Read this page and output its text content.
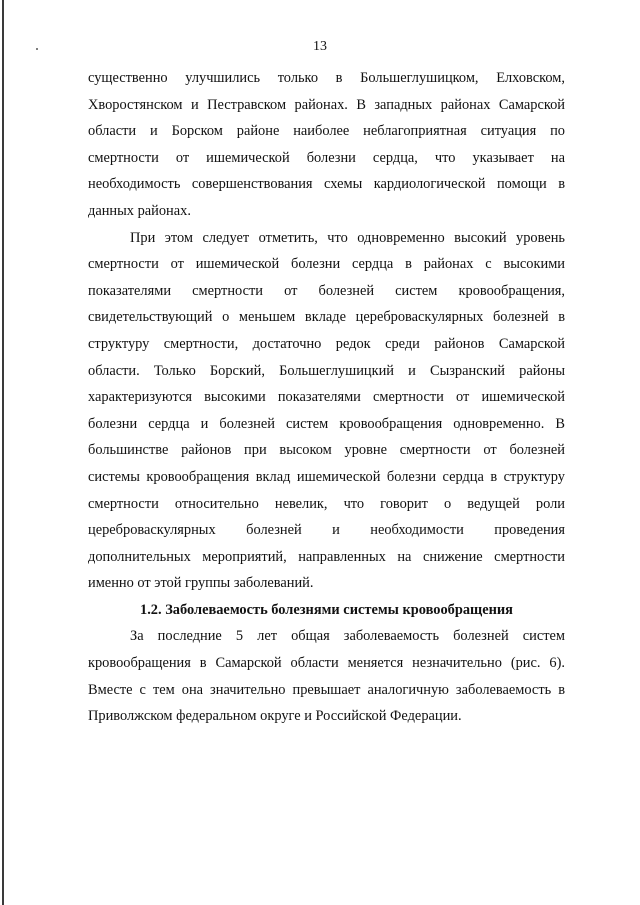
13
существенно улучшились только в Большеглушицком, Елховском,
Хворостянском и Пестравском районах. В западных районах Самарской
области и Борском районе наиболее неблагоприятная ситуация по
смертности от ишемической болезни сердца, что указывает на
необходимость совершенствования схемы кардиологической помощи в
данных районах.
При этом следует отметить, что одновременно высокий уровень
смертности от ишемической болезни сердца в районах с высокими
показателями смертности от болезней систем кровообращения,
свидетельствующий о меньшем вкладе цереброваскулярных болезней в
структуру смертности, достаточно редок среди районов Самарской
области. Только Борский, Большеглушицкий и Сызранский районы
характеризуются высокими показателями смертности от ишемической
болезни сердца и болезней систем кровообращения одновременно. В
большинстве районов при высоком уровне смертности от болезней
системы кровообращения вклад ишемической болезни сердца в структуру
смертности относительно невелик, что говорит о ведущей роли
цереброваскулярных болезней и необходимости проведения
дополнительных мероприятий, направленных на снижение смертности
именно от этой группы заболеваний.
1.2. Заболеваемость болезнями системы кровообращения
За последние 5 лет общая заболеваемость болезней систем
кровообращения в Самарской области меняется незначительно (рис. 6).
Вместе с тем она значительно превышает аналогичную заболеваемость в
Приволжском федеральном округе и Российской Федерации.
